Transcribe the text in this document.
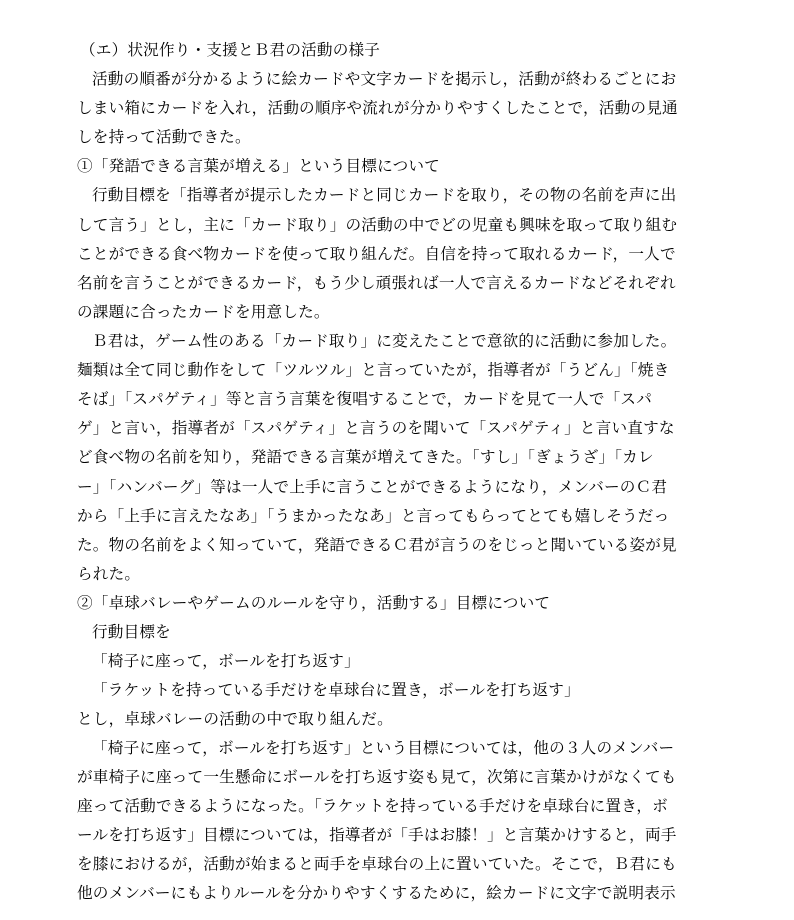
（エ）状況作り・支援とＢ君の活動の様子
活動の順番が分かるように絵カードや文字カードを掲示し，活動が終わるごとにお
しまい箱にカードを入れ，活動の順序や流れが分かりやすくしたことで，活動の見通
しを持って活動できた。
①「発語できる言葉が増える」という目標について
行動目標を「指導者が提示したカードと同じカードを取り，その物の名前を声に出
して言う」とし，主に「カード取り」の活動の中でどの児童も興味を取って取り組む
ことができる食べ物カードを使って取り組んだ。自信を持って取れるカード，一人で
名前を言うことができるカード，もう少し頑張れば一人で言えるカードなどそれぞれ
の課題に合ったカードを用意した。
Ｂ君は，ゲーム性のある「カード取り」に変えたことで意欲的に活動に参加した。
麺類は全て同じ動作をして「ツルツル」と言っていたが，指導者が「うどん」「焼き
そば」「スパゲティ」等と言う言葉を復唱することで，カードを見て一人で「スパ
ゲ」と言い，指導者が「スパゲティ」と言うのを聞いて「スパゲティ」と言い直すな
ど食べ物の名前を知り，発語できる言葉が増えてきた。「すし」「ぎょうざ」「カレ
ー」「ハンバーグ」等は一人で上手に言うことができるようになり，メンバーのＣ君
から「上手に言えたなあ」「うまかったなあ」と言ってもらってとても嬉しそうだっ
た。物の名前をよく知っていて，発語できるＣ君が言うのをじっと聞いている姿が見
られた。
②「卓球バレーやゲームのルールを守り，活動する」目標について
行動目標を
「椅子に座って，ボールを打ち返す」
「ラケットを持っている手だけを卓球台に置き，ボールを打ち返す」
とし，卓球バレーの活動の中で取り組んだ。
「椅子に座って，ボールを打ち返す」という目標については，他の３人のメンバー
が車椅子に座って一生懸命にボールを打ち返す姿も見て，次第に言葉かけがなくても
座って活動できるようになった。「ラケットを持っている手だけを卓球台に置き，ボ
ールを打ち返す」目標については，指導者が「手はお膝！」と言葉かけすると，両手
を膝におけるが，活動が始まると両手を卓球台の上に置いていた。そこで，Ｂ君にも
他のメンバーにもよりルールを分かりやすくするために，絵カードに文字で説明表示
